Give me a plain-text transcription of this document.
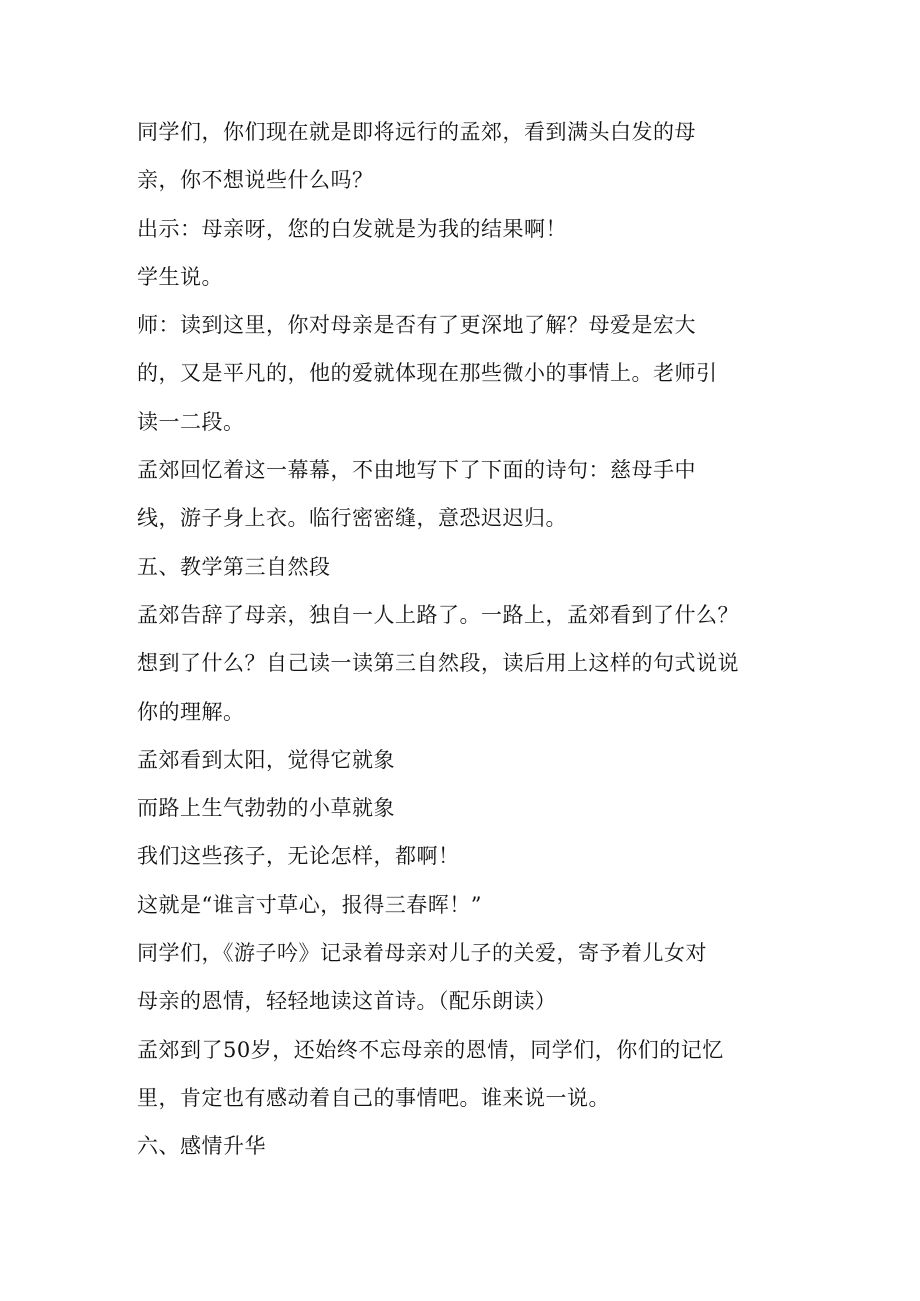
同学们，你们现在就是即将远行的孟郊，看到满头白发的母
亲，你不想说些什么吗？
出示：母亲呀，您的白发就是为我的结果啊！
学生说。
师：读到这里，你对母亲是否有了更深地了解？母爱是宏大
的，又是平凡的，他的爱就体现在那些微小的事情上。老师引
读一二段。
孟郊回忆着这一幕幕，不由地写下了下面的诗句：慈母手中
线，游子身上衣。临行密密缝，意恐迟迟归。
五、教学第三自然段
孟郊告辞了母亲，独自一人上路了。一路上，孟郊看到了什么？
想到了什么？自己读一读第三自然段，读后用上这样的句式说说
你的理解。
孟郊看到太阳，觉得它就象
而路上生气勃勃的小草就象
我们这些孩子，无论怎样，都啊！
这就是“谁言寸草心，报得三春晖！”
同学们，《游子吟》记录着母亲对儿子的关爱，寄予着儿女对
母亲的恩情，轻轻地读这首诗。（配乐朗读）
孟郊到了50岁，还始终不忘母亲的恩情，同学们，你们的记忆
里，肯定也有感动着自己的事情吧。谁来说一说。
六、感情升华
